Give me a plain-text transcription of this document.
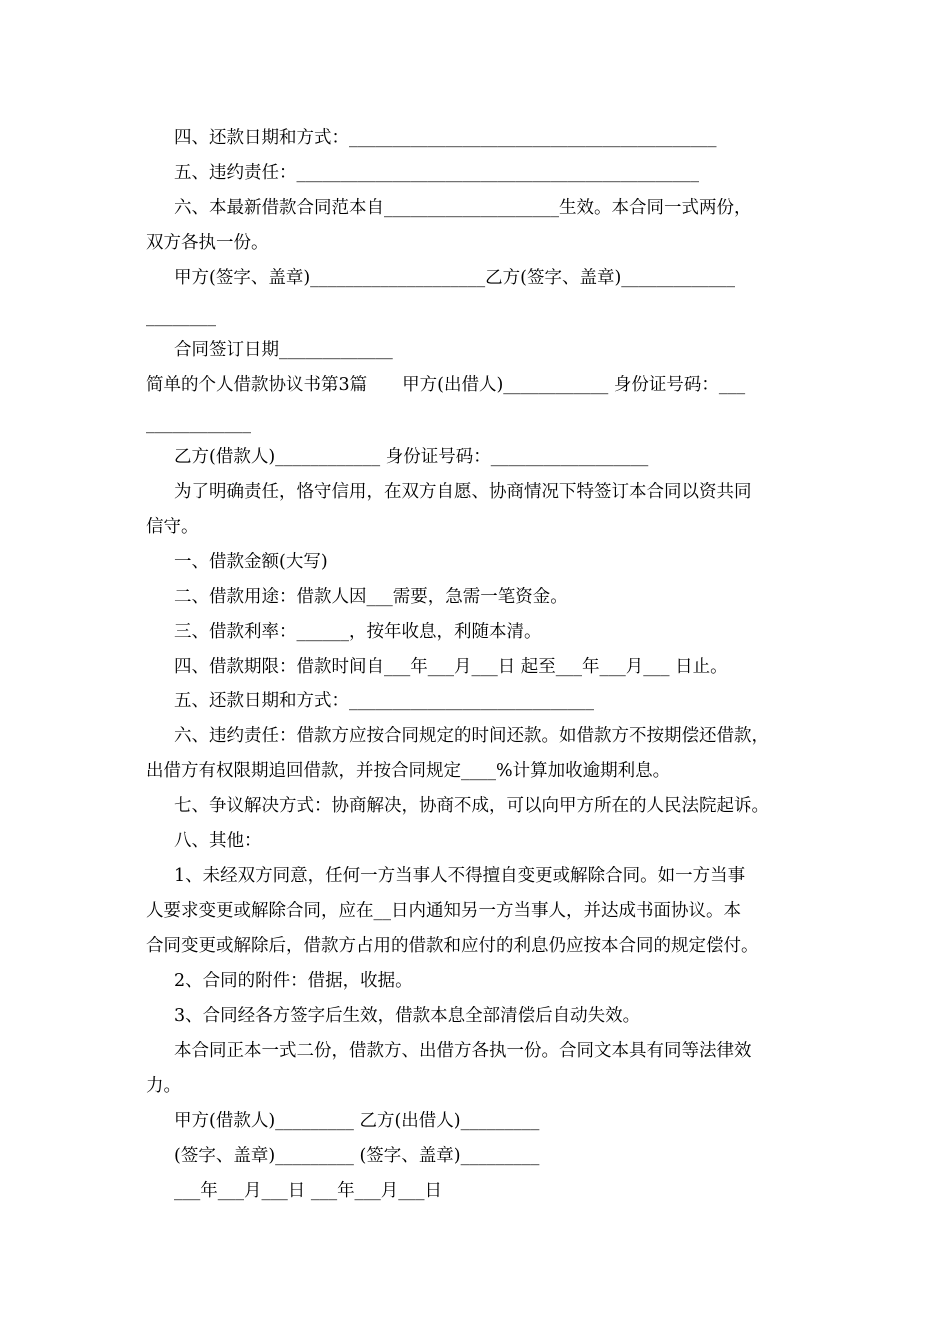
四、还款日期和方式：__________________________________________
五、违约责任：______________________________________________
六、本最新借款合同范本自____________________生效。本合同一式两份，
双方各执一份。
甲方(签字、盖章)____________________乙方(签字、盖章)_____________
________
合同签订日期_____________
简单的个人借款协议书第3篇　　甲方(出借人)____________ 身份证号码：___
____________
乙方(借款人)____________ 身份证号码：__________________
为了明确责任，恪守信用，在双方自愿、协商情况下特签订本合同以资共同
信守。
一、借款金额(大写)
二、借款用途：借款人因___需要，急需一笔资金。
三、借款利率：______，按年收息，利随本清。
四、借款期限：借款时间自___年___月___日 起至___年___月___ 日止。
五、还款日期和方式：____________________________
六、违约责任：借款方应按合同规定的时间还款。如借款方不按期偿还借款，
出借方有权限期追回借款，并按合同规定____%计算加收逾期利息。
七、争议解决方式：协商解决，协商不成，可以向甲方所在的人民法院起诉。
八、其他：
1、未经双方同意，任何一方当事人不得擅自变更或解除合同。如一方当事
人要求变更或解除合同，应在__日内通知另一方当事人，并达成书面协议。本
合同变更或解除后，借款方占用的借款和应付的利息仍应按本合同的规定偿付。
2、合同的附件：借据，收据。
3、合同经各方签字后生效，借款本息全部清偿后自动失效。
本合同正本一式二份，借款方、出借方各执一份。合同文本具有同等法律效
力。
甲方(借款人)_________ 乙方(出借人)_________
(签字、盖章)_________ (签字、盖章)_________
___年___月___日 ___年___月___日
